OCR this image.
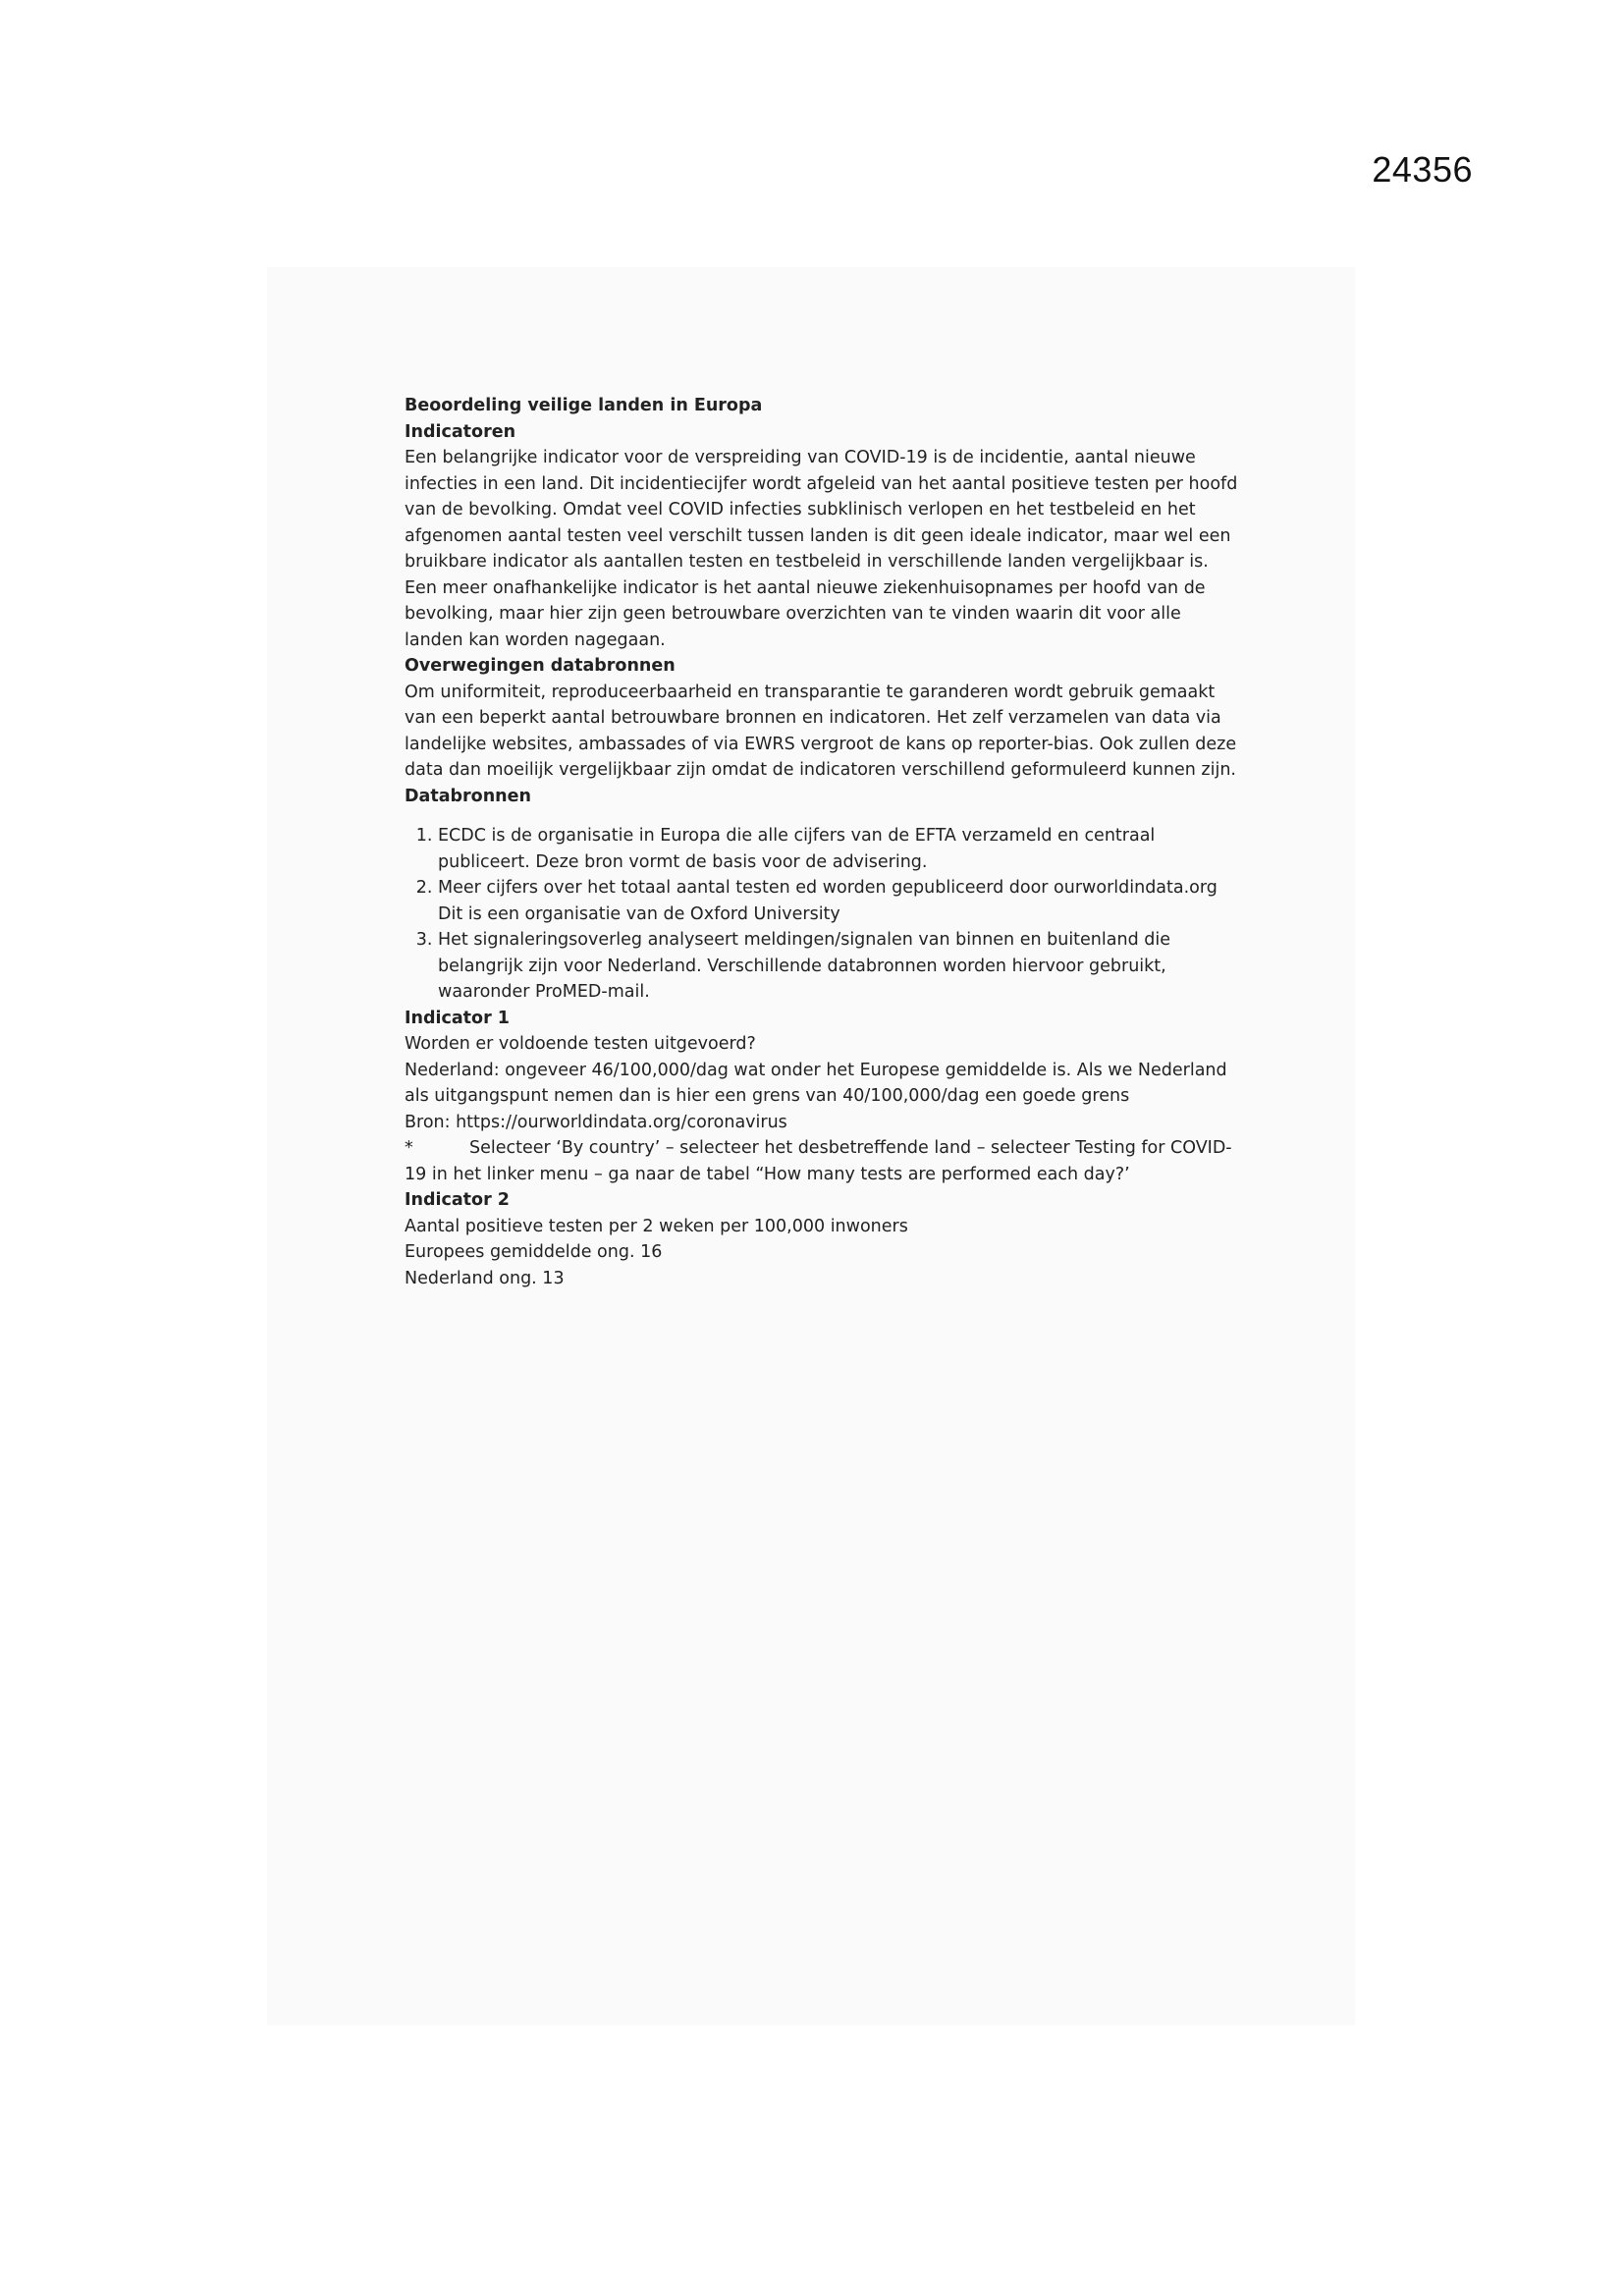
24356

Beoordeling veilige landen in Europa

Indicatoren

Een belangrijke indicator voor de verspreiding van COVID-19 is de incidentie, aantal nieuwe infecties in een land. Dit incidentiecijfer wordt afgeleid van het aantal positieve testen per hoofd van de bevolking. Omdat veel COVID infecties subklinisch verlopen en het testbeleid en het afgenomen aantal testen veel verschilt tussen landen is dit geen ideale indicator, maar wel een bruikbare indicator als aantallen testen en testbeleid in verschillende landen vergelijkbaar is.

Een meer onafhankelijke indicator is het aantal nieuwe ziekenhuisopnames per hoofd van de bevolking, maar hier zijn geen betrouwbare overzichten van te vinden waarin dit voor alle landen kan worden nagegaan.

Overwegingen databronnen

Om uniformiteit, reproduceerbaarheid en transparantie te garanderen wordt gebruik gemaakt van een beperkt aantal betrouwbare bronnen en indicatoren. Het zelf verzamelen van data via landelijke websites, ambassades of via EWRS vergroot de kans op reporter-bias. Ook zullen deze data dan moeilijk vergelijkbaar zijn omdat de indicatoren verschillend geformuleerd kunnen zijn.

Databronnen

1. ECDC is de organisatie in Europa die alle cijfers van de EFTA verzameld en centraal publiceert. Deze bron vormt de basis voor de advisering.
2. Meer cijfers over het totaal aantal testen ed worden gepubliceerd door ourworldindata.org Dit is een organisatie van de Oxford University
3. Het signaleringsoverleg analyseert meldingen/signalen van binnen en buitenland die belangrijk zijn voor Nederland. Verschillende databronnen worden hiervoor gebruikt, waaronder ProMED-mail.

Indicator 1

Worden er voldoende testen uitgevoerd?

Nederland: ongeveer 46/100,000/dag wat onder het Europese gemiddelde is. Als we Nederland als uitgangspunt nemen dan is hier een grens van 40/100,000/dag een goede grens

Bron: https://ourworldindata.org/coronavirus

*	Selecteer ‘By country’ – selecteer het desbetreffende land – selecteer Testing for COVID-19 in het linker menu – ga naar de tabel “How many tests are performed each day?’

Indicator 2

Aantal positieve testen per 2 weken per 100,000 inwoners

Europees gemiddelde ong. 16

Nederland ong. 13
